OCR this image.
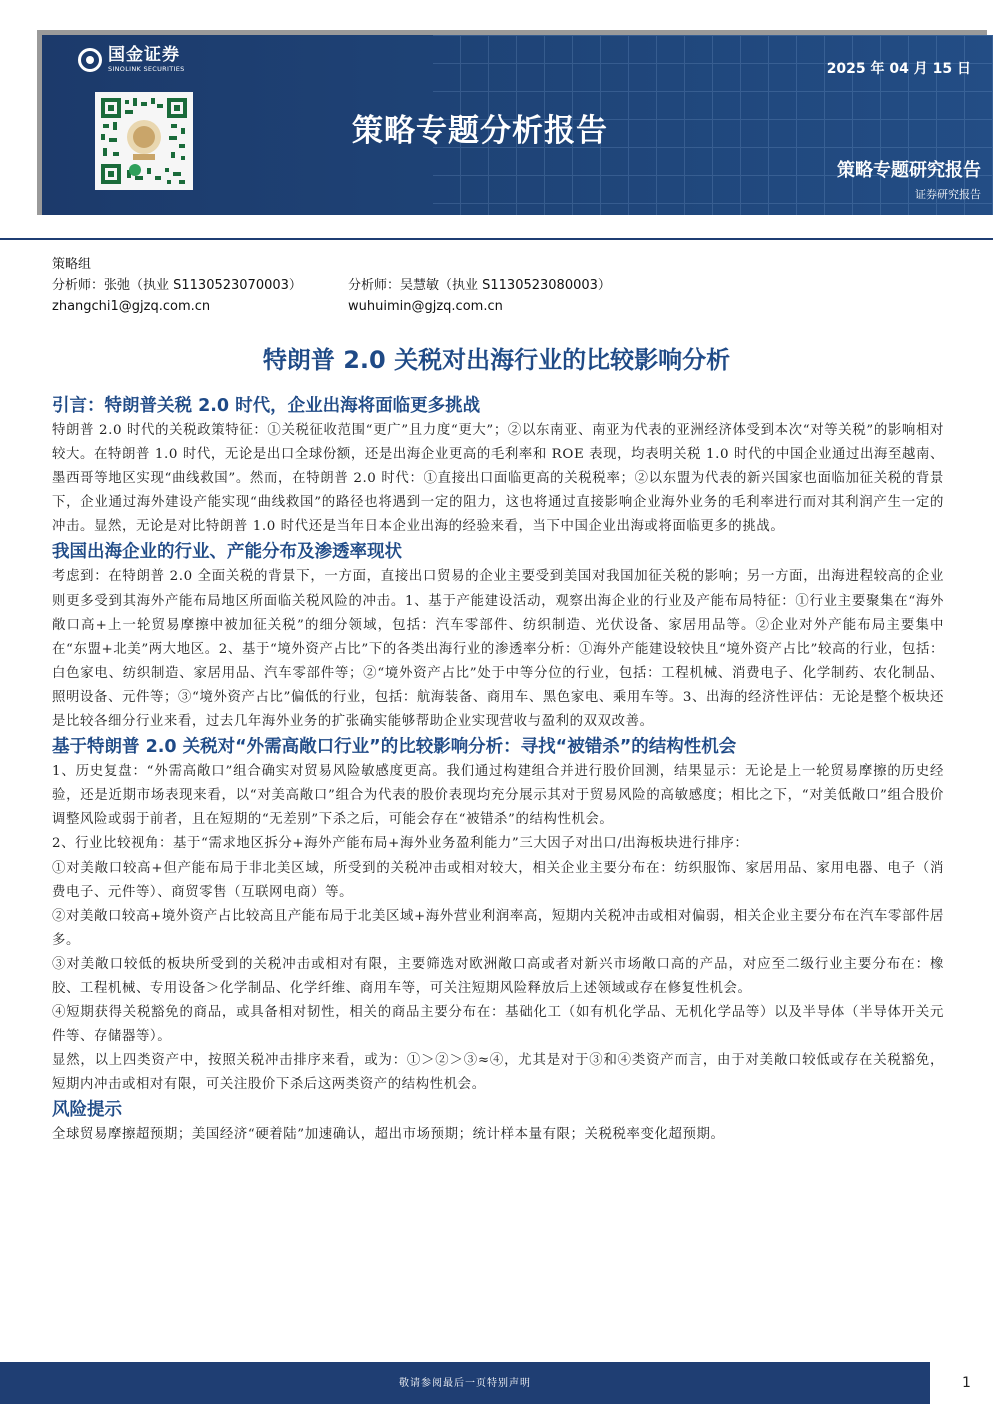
国金证券
SINOLINK SECURITIES	2025 年 04 月 15 日
策略专题分析报告
策略专题研究报告
证券研究报告
策略组
分析师：张弛（执业 S1130523070003）	分析师：吴慧敏（执业 S1130523080003）
zhangchi1@gjzq.com.cn	wuhuimin@gjzq.com.cn
特朗普 2.0 关税对出海行业的比较影响分析
引言：特朗普关税 2.0 时代，企业出海将面临更多挑战

特朗普 2.0 时代的关税政策特征：①关税征收范围“更广”且力度“更大”；②以东南亚、南亚为代表的亚洲经济体受到本次“对等关税”的影响相对较大。在特朗普 1.0 时代，无论是出口全球份额，还是出海企业更高的毛利率和 ROE 表现，均表明关税 1.0 时代的中国企业通过出海至越南、墨西哥等地区实现“曲线救国”。然而，在特朗普 2.0 时代：①直接出口面临更高的关税税率；②以东盟为代表的新兴国家也面临加征关税的背景下，企业通过海外建设产能实现“曲线救国”的路径也将遇到一定的阻力，这也将通过直接影响企业海外业务的毛利率进行而对其利润产生一定的冲击。显然，无论是对比特朗普 1.0 时代还是当年日本企业出海的经验来看，当下中国企业出海或将面临更多的挑战。

我国出海企业的行业、产能分布及渗透率现状

考虑到：在特朗普 2.0 全面关税的背景下，一方面，直接出口贸易的企业主要受到美国对我国加征关税的影响；另一方面，出海进程较高的企业则更多受到其海外产能布局地区所面临关税风险的冲击。1、基于产能建设活动，观察出海企业的行业及产能布局特征：①行业主要聚集在“海外敞口高+上一轮贸易摩擦中被加征关税”的细分领域，包括：汽车零部件、纺织制造、光伏设备、家居用品等。②企业对外产能布局主要集中在“东盟+北美”两大地区。2、基于“境外资产占比”下的各类出海行业的渗透率分析：①海外产能建设较快且“境外资产占比”较高的行业，包括：白色家电、纺织制造、家居用品、汽车零部件等；②“境外资产占比”处于中等分位的行业，包括：工程机械、消费电子、化学制药、农化制品、照明设备、元件等；③“境外资产占比”偏低的行业，包括：航海装备、商用车、黑色家电、乘用车等。3、出海的经济性评估：无论是整个板块还是比较各细分行业来看，过去几年海外业务的扩张确实能够帮助企业实现营收与盈利的双双改善。

基于特朗普 2.0 关税对“外需高敞口行业”的比较影响分析：寻找“被错杀”的结构性机会

1、历史复盘：“外需高敞口”组合确实对贸易风险敏感度更高。我们通过构建组合并进行股价回测，结果显示：无论是上一轮贸易摩擦的历史经验，还是近期市场表现来看，以“对美高敞口”组合为代表的股价表现均充分展示其对于贸易风险的高敏感度；相比之下，“对美低敞口”组合股价调整风险或弱于前者，且在短期的“无差别”下杀之后，可能会存在“被错杀”的结构性机会。

2、行业比较视角：基于“需求地区拆分+海外产能布局+海外业务盈利能力”三大因子对出口/出海板块进行排序：

①对美敞口较高+但产能布局于非北美区域，所受到的关税冲击或相对较大，相关企业主要分布在：纺织服饰、家居用品、家用电器、电子（消费电子、元件等）、商贸零售（互联网电商）等。

②对美敞口较高+境外资产占比较高且产能布局于北美区域+海外营业利润率高，短期内关税冲击或相对偏弱，相关企业主要分布在汽车零部件居多。

③对美敞口较低的板块所受到的关税冲击或相对有限，主要筛选对欧洲敞口高或者对新兴市场敞口高的产品，对应至二级行业主要分布在：橡胶、工程机械、专用设备＞化学制品、化学纤维、商用车等，可关注短期风险释放后上述领域或存在修复性机会。

④短期获得关税豁免的商品，或具备相对韧性，相关的商品主要分布在：基础化工（如有机化学品、无机化学品等）以及半导体（半导体开关元件等、存储器等）。

显然，以上四类资产中，按照关税冲击排序来看，或为：①＞②＞③≈④，尤其是对于③和④类资产而言，由于对美敞口较低或存在关税豁免，短期内冲击或相对有限，可关注股价下杀后这两类资产的结构性机会。

风险提示

全球贸易摩擦超预期；美国经济“硬着陆”加速确认，超出市场预期；统计样本量有限；关税税率变化超预期。

敬请参阅最后一页特别声明	1
